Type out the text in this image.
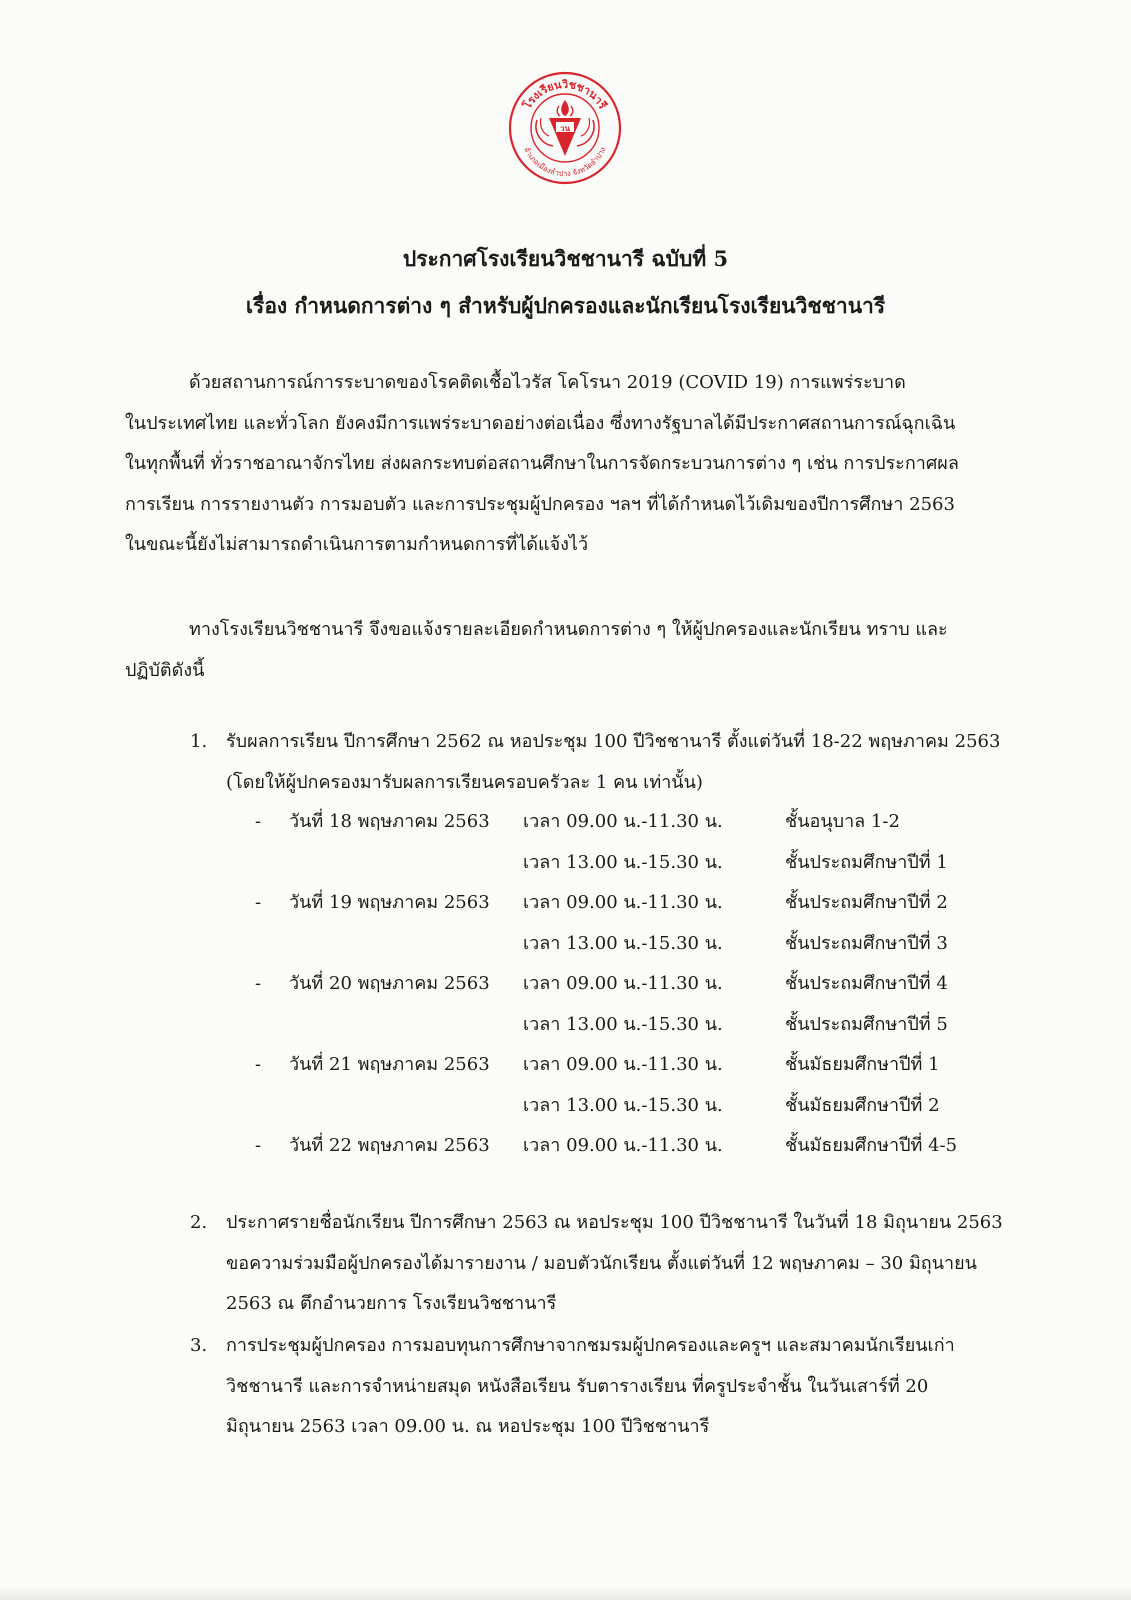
โรงเรียนวิชชานารี
อำเภอเมืองลำปาง จังหวัดลำปาง
วน
ประกาศโรงเรียนวิชชานารี ฉบับที่ 5
เรื่อง กำหนดการต่าง ๆ สำหรับผู้ปกครองและนักเรียนโรงเรียนวิชชานารี
ด้วยสถานการณ์การระบาดของโรคติดเชื้อไวรัส โคโรนา 2019 (COVID 19) การแพร่ระบาด
ในประเทศไทย และทั่วโลก ยังคงมีการแพร่ระบาดอย่างต่อเนื่อง ซึ่งทางรัฐบาลได้มีประกาศสถานการณ์ฉุกเฉิน
ในทุกพื้นที่ ทั่วราชอาณาจักรไทย ส่งผลกระทบต่อสถานศึกษาในการจัดกระบวนการต่าง ๆ เช่น การประกาศผล
การเรียน การรายงานตัว การมอบตัว และการประชุมผู้ปกครอง ฯลฯ ที่ได้กำหนดไว้เดิมของปีการศึกษา 2563
ในขณะนี้ยังไม่สามารถดำเนินการตามกำหนดการที่ได้แจ้งไว้
ทางโรงเรียนวิชชานารี จึงขอแจ้งรายละเอียดกำหนดการต่าง ๆ ให้ผู้ปกครองและนักเรียน ทราบ และ
ปฏิบัติดังนี้
1.	รับผลการเรียน ปีการศึกษา 2562 ณ หอประชุม 100 ปีวิชชานารี ตั้งแต่วันที่ 18-22 พฤษภาคม 2563
(โดยให้ผู้ปกครองมารับผลการเรียนครอบครัวละ 1 คน เท่านั้น)
- วันที่ 18 พฤษภาคม 2563 เวลา 09.00 น.-11.30 น.	ชั้นอนุบาล 1-2
เวลา 13.00 น.-15.30 น.	ชั้นประถมศึกษาปีที่ 1
- วันที่ 19 พฤษภาคม 2563 เวลา 09.00 น.-11.30 น.	ชั้นประถมศึกษาปีที่ 2
เวลา 13.00 น.-15.30 น.	ชั้นประถมศึกษาปีที่ 3
- วันที่ 20 พฤษภาคม 2563 เวลา 09.00 น.-11.30 น.	ชั้นประถมศึกษาปีที่ 4
เวลา 13.00 น.-15.30 น.	ชั้นประถมศึกษาปีที่ 5
- วันที่ 21 พฤษภาคม 2563 เวลา 09.00 น.-11.30 น.	ชั้นมัธยมศึกษาปีที่ 1
เวลา 13.00 น.-15.30 น.	ชั้นมัธยมศึกษาปีที่ 2
- วันที่ 22 พฤษภาคม 2563 เวลา 09.00 น.-11.30 น.	ชั้นมัธยมศึกษาปีที่ 4-5
2.	ประกาศรายชื่อนักเรียน ปีการศึกษา 2563 ณ หอประชุม 100 ปีวิชชานารี ในวันที่ 18 มิถุนายน 2563
ขอความร่วมมือผู้ปกครองได้มารายงาน / มอบตัวนักเรียน ตั้งแต่วันที่ 12 พฤษภาคม – 30 มิถุนายน
2563 ณ ตึกอำนวยการ โรงเรียนวิชชานารี
3.	การประชุมผู้ปกครอง การมอบทุนการศึกษาจากชมรมผู้ปกครองและครูฯ และสมาคมนักเรียนเก่า
วิชชานารี และการจำหน่ายสมุด หนังสือเรียน รับตารางเรียน ที่ครูประจำชั้น ในวันเสาร์ที่ 20
มิถุนายน 2563 เวลา 09.00 น. ณ หอประชุม 100 ปีวิชชานารี
